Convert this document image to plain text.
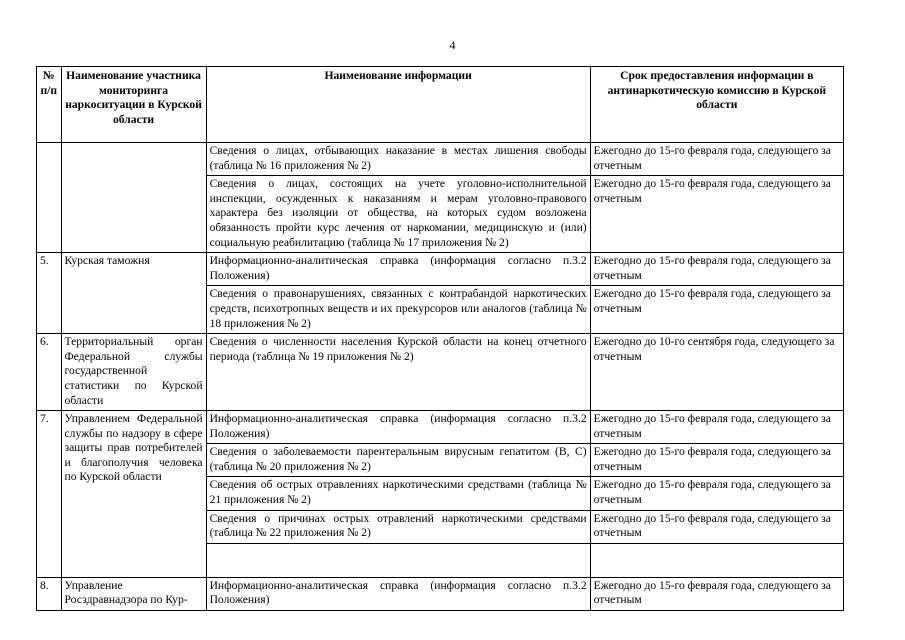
4
№ п/п	Наименование участника мониторинга наркоситуации в Курской области	Наименование информации	Срок предоставления информации в антинаркотическую комиссию в Курской области
		Сведения о лицах, отбывающих наказание в местах лишения свободы (таблица № 16 приложения № 2)	Ежегодно до 15-го февраля года, следующего за отчетным
		Сведения о лицах, состоящих на учете уголовно-исполнительной инспекции, осужденных к наказаниям и мерам уголовно-правового характера без изоляции от общества, на которых судом возложена обязанность пройти курс лечения от наркомании, медицинскую и (или) социальную реабилитацию (таблица № 17 приложения № 2)	Ежегодно до 15-го февраля года, следующего за отчетным
5.	Курская таможня	Информационно-аналитическая справка (информация согласно п.3.2 Положения)	Ежегодно до 15-го февраля года, следующего за отчетным
		Сведения о правонарушениях, связанных с контрабандой наркотических средств, психотропных веществ и их прекурсоров или аналогов (таблица № 18 приложения № 2)	Ежегодно до 15-го февраля года, следующего за отчетным
6.	Территориальный орган Федеральной службы государственной статистики по Курской области	Сведения о численности населения Курской области на конец отчетного периода (таблица № 19 приложения № 2)	Ежегодно до 10-го сентября года, следующего за отчетным
7.	Управлением Федеральной службы по надзору в сфере защиты прав потребителей и благополучия человека по Курской области	Информационно-аналитическая справка (информация согласно п.3.2 Положения)	Ежегодно до 15-го февраля года, следующего за отчетным
		Сведения о заболеваемости парентеральным вирусным гепатитом (В, С) (таблица № 20 приложения № 2)	Ежегодно до 15-го февраля года, следующего за отчетным
		Сведения об острых отравлениях наркотическими средствами (таблица № 21 приложения № 2)	Ежегодно до 15-го февраля года, следующего за отчетным
		Сведения о причинах острых отравлений наркотическими средствами (таблица № 22 приложения № 2)	Ежегодно до 15-го февраля года, следующего за отчетным

8.	Управление Росздравнадзора по Кур-	Информационно-аналитическая справка (информация согласно п.3.2 Положения)	Ежегодно до 15-го февраля года, следующего за отчетным
